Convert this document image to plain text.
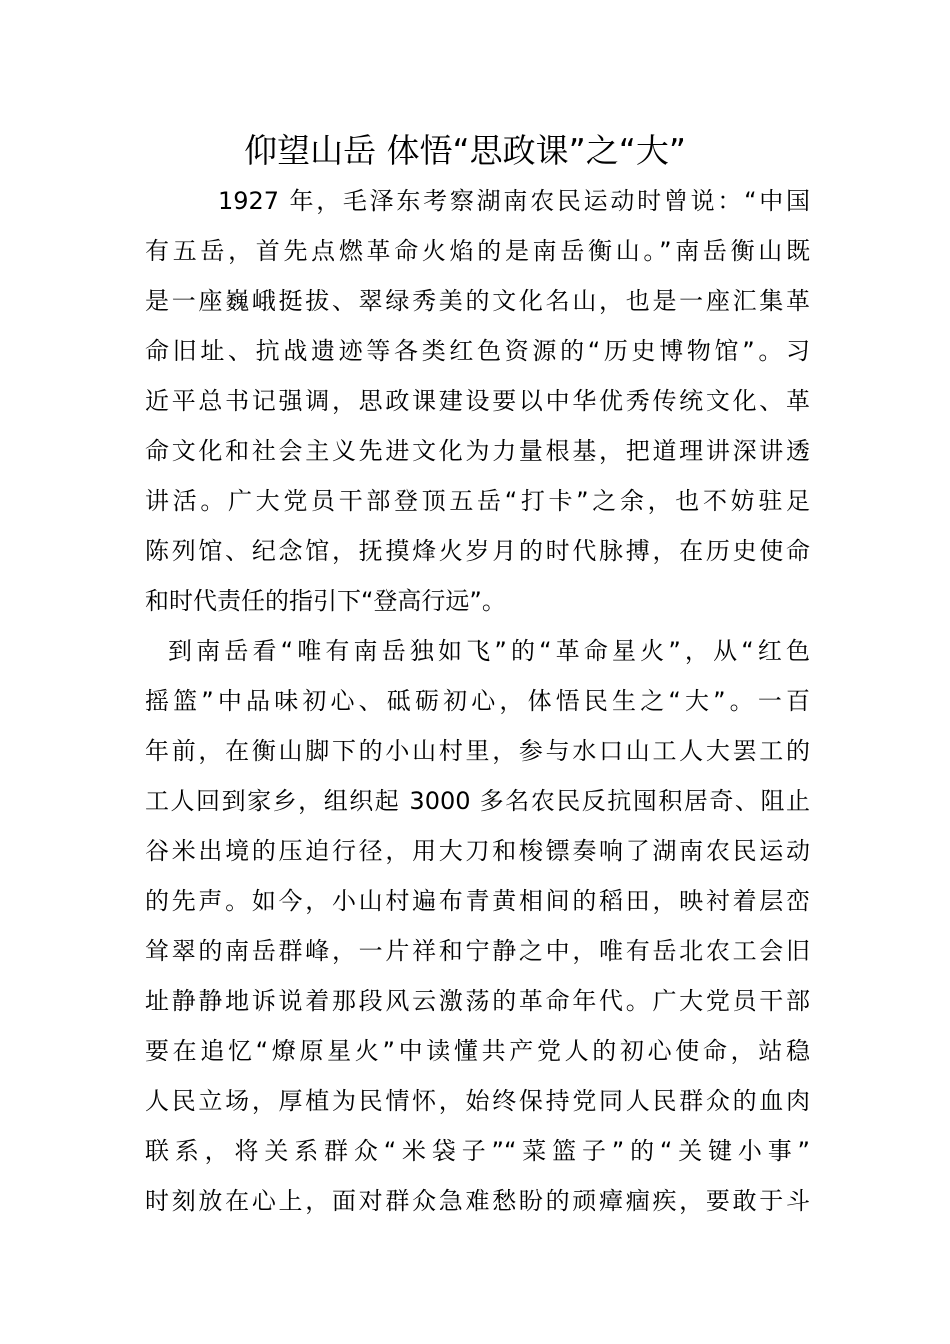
仰望山岳 体悟“思政课”之“大”

1927 年，毛泽东考察湖南农民运动时曾说：“中国

有五岳，首先点燃革命火焰的是南岳衡山。”南岳衡山既

是一座巍峨挺拔、翠绿秀美的文化名山，也是一座汇集革

命旧址、抗战遗迹等各类红色资源的“历史博物馆”。习

近平总书记强调，思政课建设要以中华优秀传统文化、革

命文化和社会主义先进文化为力量根基，把道理讲深讲透

讲活。广大党员干部登顶五岳“打卡”之余，也不妨驻足

陈列馆、纪念馆，抚摸烽火岁月的时代脉搏，在历史使命

和时代责任的指引下“登高行远”。

到南岳看“唯有南岳独如飞”的“革命星火”，从“红色

摇篮”中品味初心、砥砺初心，体悟民生之“大”。一百

年前，在衡山脚下的小山村里，参与水口山工人大罢工的

工人回到家乡，组织起 3000 多名农民反抗囤积居奇、阻止

谷米出境的压迫行径，用大刀和梭镖奏响了湖南农民运动

的先声。如今，小山村遍布青黄相间的稻田，映衬着层峦

耸翠的南岳群峰，一片祥和宁静之中，唯有岳北农工会旧

址静静地诉说着那段风云激荡的革命年代。广大党员干部

要在追忆“燎原星火”中读懂共产党人的初心使命，站稳

人民立场，厚植为民情怀，始终保持党同人民群众的血肉

联系，将关系群众“米袋子”“菜篮子”的“关键小事”

时刻放在心上，面对群众急难愁盼的顽瘴痼疾，要敢于斗
